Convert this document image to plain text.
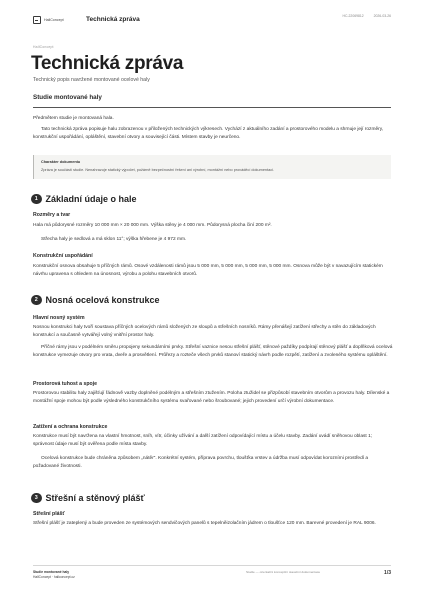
HallConcept	Technická zpráva	HC-22069812	2026-03-26
HallConcept
Technická zpráva
Technický popis navržené montované ocelové haly
Studie montované haly
Předmětem studie je montovaná hala.
Tato technická zpráva popisuje halu zobrazenou v přiložených technických výkresech. Vychází z aktuálního zadání a prostorového modelu a shrnuje její rozměry, konstrukční uspořádání, opláštění, stavební otvory a související části. Místem stavby je neurčeno.
Charakter dokumentu
Zpráva je součástí studie. Nenahrazuje statický výpočet, požárně bezpečnostní řešení ani výrobní, montážní nebo prováděcí dokumentaci.
1 Základní údaje o hale
Rozměry a tvar
Hala má půdorysné rozměry 10 000 mm × 20 000 mm. Výška stěny je 4 000 mm. Půdorysná plocha činí 200 m².
Střecha haly je sedlová a má sklon 11°; výška hřebene je 4 972 mm.
Konstrukční uspořádání
Konstrukční osnova obsahuje 5 příčných rámů. Osové vzdálenosti rámů jsou 5 000 mm, 5 000 mm, 5 000 mm, 5 000 mm. Osnova může být v navazujícím statickém návrhu upravena s ohledem na únosnost, výrobu a polohu stavebních otvorů.
2 Nosná ocelová konstrukce
Hlavní nosný systém
Nosnou konstrukci haly tvoří soustava příčných ocelových rámů složených ze sloupů a střešních nosníků. Rámy přenášejí zatížení střechy a stěn do základových konstrukcí a současně vytvářejí volný vnitřní prostor haly.
Příčné rámy jsou v podélném směru propojeny sekundárními prvky. Střešní vaznice nesou střešní plášť, stěnové paždíky podpírají stěnový plášť a doplňková ocelová konstrukce vymezuje otvory pro vrata, dveře a prosvětlení. Průřezy a rozteče všech prvků stanoví statický návrh podle rozpětí, zatížení a zvoleného systému opláštění.
Prostorová tuhost a spoje
Prostorovou stabilitu haly zajišťují řádnově vazby doplněné podélným a střešním ztužením. Poloha ztužidel se přizpůsobí stavebním otvorům a provozu haly. Dílenské a montážní spoje mohou být podle výsledného konstrukčního systému svařované nebo šroubované; jejich provedení určí výrobní dokumentace.
Zatížení a ochrana konstrukce
Konstrukce musí být navržena na vlastní hmotnost, sníh, vítr, účinky užívání a další zatížení odpovídající místu a účelu stavby. Zadání uvádí sněhovou oblast 1; správnost údaje musí být ověřena podle místa stavby.
Ocelová konstrukce bude chráněna způsobem „nátěr“. Konkrétní systém, příprava povrchu, tloušťka vrstev a údržba musí odpovídat korozními prostředí a požadované životnosti.
3 Střešní a stěnový plášť
Střešní plášť
Střešní plášť je zateplený a bude proveden ze systémových sendvičových panelů s tepelněizolačním jádrem o tloušťce 120 mm. Barevné provedení je RAL 9006.
Studie montované haly
HallConcept · hallconcept.cz
Studie — orientační koncepční stavební dokumentace	1/3
